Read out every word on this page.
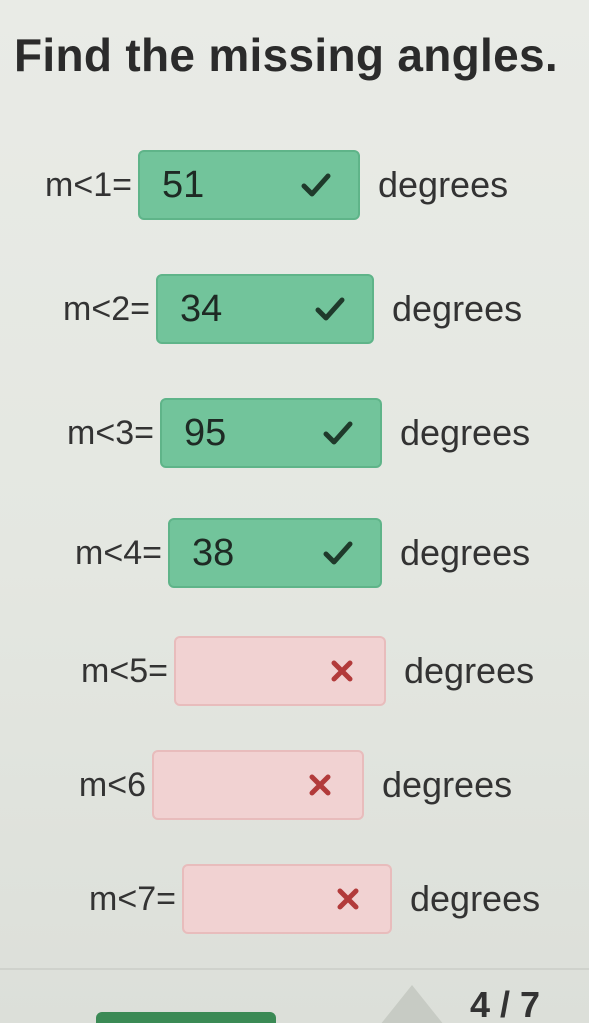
Find the missing angles.
m<1= 51	degrees
m<2= 34	degrees
m<3= 95	degrees
m<4= 38	degrees
m<5=	degrees
m<6	degrees
m<7=	degrees
4 / 7
